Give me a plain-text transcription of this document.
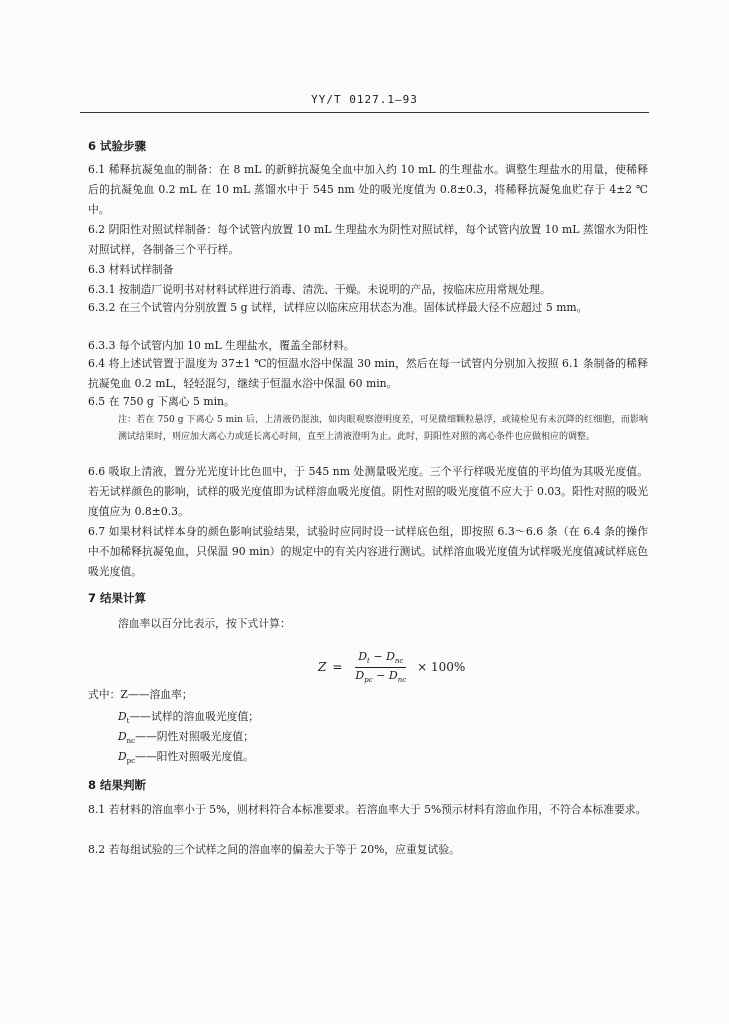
YY/T 0127.1—93
6 试验步骤
6.1 稀释抗凝兔血的制备：在 8 mL 的新鲜抗凝兔全血中加入约 10 mL 的生理盐水。调整生理盐水的用量，使稀释后的抗凝兔血 0.2 mL 在 10 mL 蒸馏水中于 545 nm 处的吸光度值为 0.8±0.3，将稀释抗凝兔血贮存于 4±2 ℃中。
6.2 阴阳性对照试样制备：每个试管内放置 10 mL 生理盐水为阴性对照试样，每个试管内放置 10 mL 蒸馏水为阳性对照试样，各制备三个平行样。
6.3 材料试样制备
6.3.1 按制造厂说明书对材料试样进行消毒、清洗、干燥。未说明的产品，按临床应用常规处理。
6.3.2 在三个试管内分别放置 5 g 试样，试样应以临床应用状态为准。固体试样最大径不应超过 5 mm。
6.3.3 每个试管内加 10 mL 生理盐水，覆盖全部材料。
6.4 将上述试管置于温度为 37±1 ℃的恒温水浴中保温 30 min，然后在每一试管内分别加入按照 6.1 条制备的稀释抗凝兔血 0.2 mL，轻轻混匀，继续于恒温水浴中保温 60 min。
6.5 在 750 g 下离心 5 min。
注：若在 750 g 下离心 5 min 后，上清液仍混浊，如肉眼观察澄明度差，可见微细颗粒悬浮，或镜检见有未沉降的红细胞，而影响测试结果时，则应加大离心力或延长离心时间，直至上清液澄明为止。此时，阴阳性对照的离心条件也应做相应的调整。
6.6 吸取上清液，置分光光度计比色皿中，于 545 nm 处测量吸光度。三个平行样吸光度值的平均值为其吸光度值。若无试样颜色的影响，试样的吸光度值即为试样溶血吸光度值。阴性对照的吸光度值不应大于 0.03。阳性对照的吸光度值应为 0.8±0.3。
6.7 如果材料试样本身的颜色影响试验结果，试验时应同时设一试样底色组，即按照 6.3～6.6 条（在 6.4 条的操作中不加稀释抗凝兔血，只保温 90 min）的规定中的有关内容进行测试。试样溶血吸光度值为试样吸光度值减试样底色吸光度值。
7 结果计算
溶血率以百分比表示，按下式计算：
$Z = \frac{D_t - D_{nc}}{D_{pc} - D_{nc}} \times 100\%$
式中：Z——溶血率；
$D_t——$试样的溶血吸光度值；
$D_{nc}——$阴性对照吸光度值；
$D_{pc}——$阳性对照吸光度值。
8 结果判断
8.1 若材料的溶血率小于 5%，则材料符合本标准要求。若溶血率大于 5%预示材料有溶血作用，不符合本标准要求。
8.2 若每组试验的三个试样之间的溶血率的偏差大于等于 20%，应重复试验。
